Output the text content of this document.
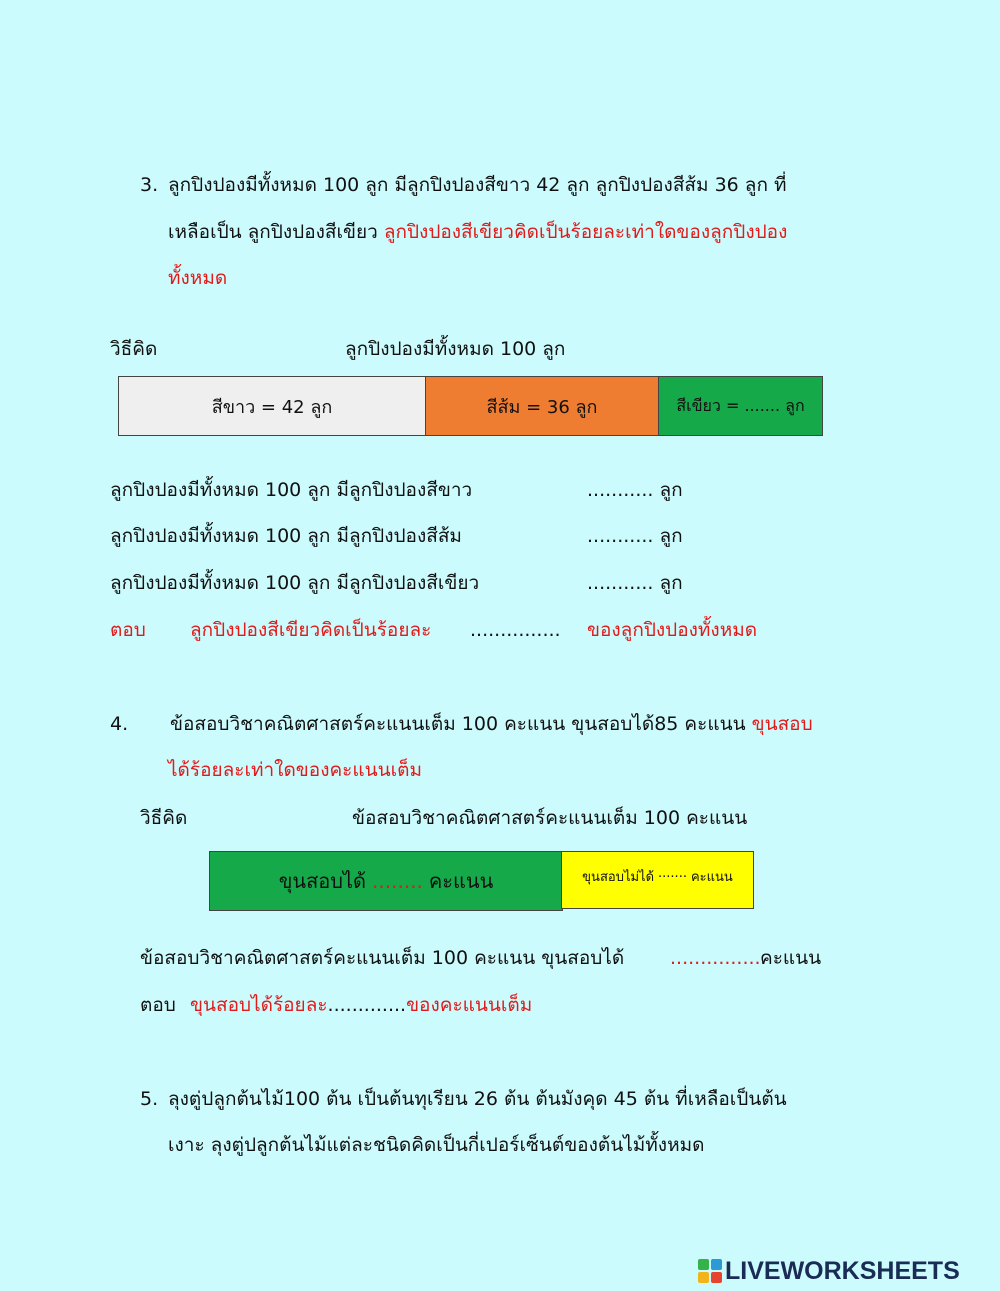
3. ลูกปิงปองมีทั้งหมด 100 ลูก มีลูกปิงปองสีขาว 42 ลูก ลูกปิงปองสีส้ม 36 ลูก ที่
เหลือเป็น ลูกปิงปองสีเขียว ลูกปิงปองสีเขียวคิดเป็นร้อยละเท่าใดของลูกปิงปอง
ทั้งหมด
วิธีคิด	ลูกปิงปองมีทั้งหมด 100 ลูก
สีขาว = 42 ลูก	สีส้ม = 36 ลูก	สีเขียว = ....... ลูก
ลูกปิงปองมีทั้งหมด 100 ลูก มีลูกปิงปองสีขาว	........... ลูก
ลูกปิงปองมีทั้งหมด 100 ลูก มีลูกปิงปองสีส้ม	........... ลูก
ลูกปิงปองมีทั้งหมด 100 ลูก มีลูกปิงปองสีเขียว	........... ลูก
ตอบ ลูกปิงปองสีเขียวคิดเป็นร้อยละ ............... ของลูกปิงปองทั้งหมด
4. ข้อสอบวิชาคณิตศาสตร์คะแนนเต็ม 100 คะแนน ขุนสอบได้85 คะแนน ขุนสอบ
ได้ร้อยละเท่าใดของคะแนนเต็ม
วิธีคิด	ข้อสอบวิชาคณิตศาสตร์คะแนนเต็ม 100 คะแนน
ขุนสอบได้ ........ คะแนน	ขุนสอบไม่ได้ ....... คะแนน
ข้อสอบวิชาคณิตศาสตร์คะแนนเต็ม 100 คะแนน ขุนสอบได้ ............... คะแนน
ตอบ ขุนสอบได้ร้อยละ.............ของคะแนนเต็ม
5. ลุงตู่ปลูกต้นไม้100 ต้น เป็นต้นทุเรียน 26 ต้น ต้นมังคุด 45 ต้น ที่เหลือเป็นต้น
เงาะ ลุงตู่ปลูกต้นไม้แต่ละชนิดคิดเป็นกี่เปอร์เซ็นต์ของต้นไม้ทั้งหมด
LIVEWORKSHEETS
